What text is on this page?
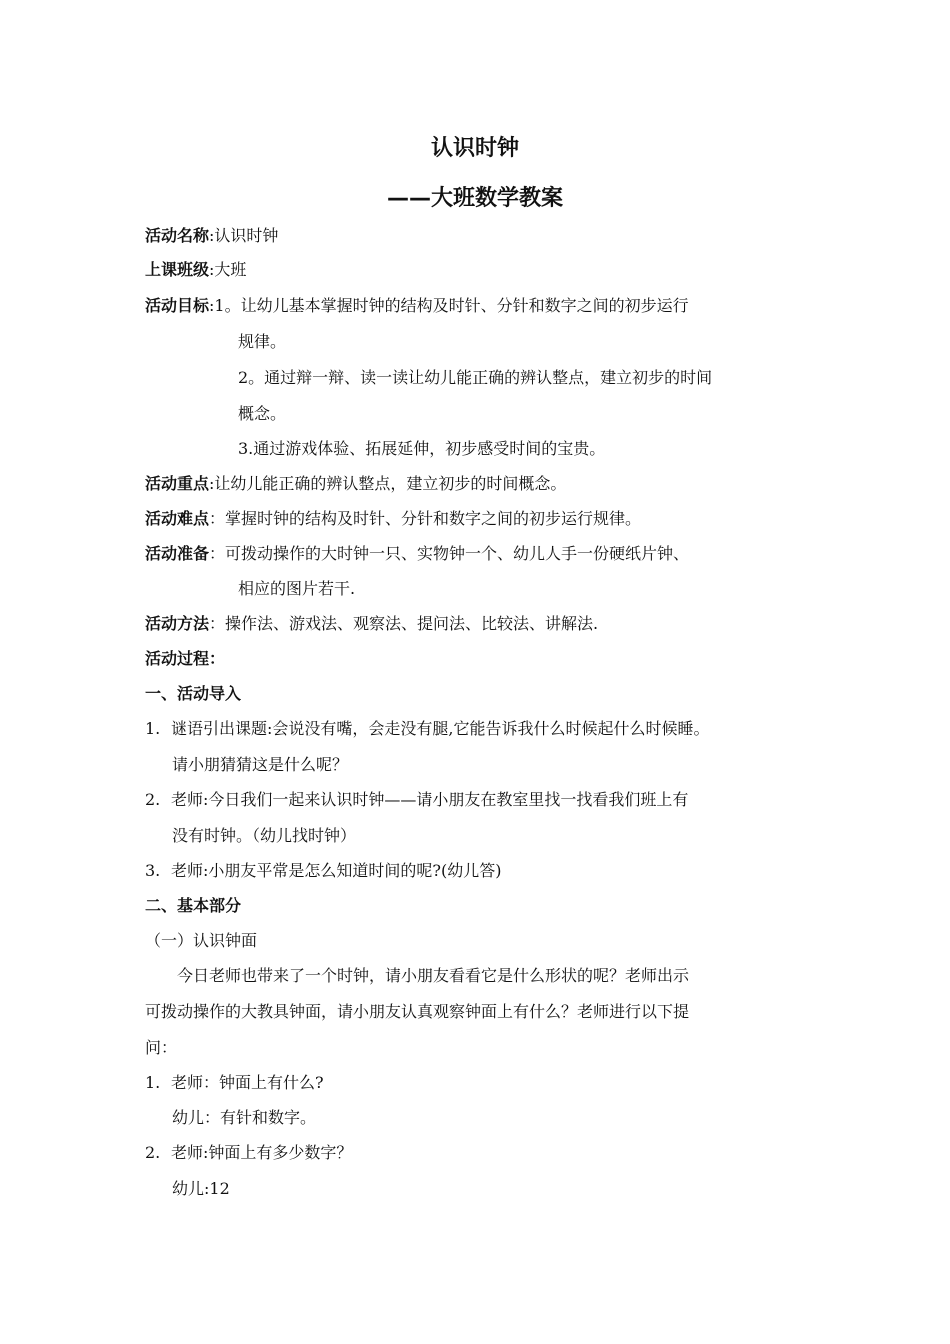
认识时钟
——大班数学教案
活动名称:认识时钟
上课班级:大班
活动目标:1。让幼儿基本掌握时钟的结构及时针、分针和数字之间的初步运行
规律。
2。通过辩一辩、读一读让幼儿能正确的辨认整点，建立初步的时间
概念。
3.通过游戏体验、拓展延伸，初步感受时间的宝贵。
活动重点:让幼儿能正确的辨认整点，建立初步的时间概念。
活动难点：掌握时钟的结构及时针、分针和数字之间的初步运行规律。
活动准备：可拨动操作的大时钟一只、实物钟一个、幼儿人手一份硬纸片钟、
相应的图片若干.
活动方法：操作法、游戏法、观察法、提问法、比较法、讲解法.
活动过程：
一、活动导入
1. 谜语引出课题:会说没有嘴，会走没有腿,它能告诉我什么时候起什么时候睡。
请小朋猜猜这是什么呢？
2. 老师:今日我们一起来认识时钟——请小朋友在教室里找一找看我们班上有
没有时钟。（幼儿找时钟）
3. 老师:小朋友平常是怎么知道时间的呢?(幼儿答)
二、基本部分
（一）认识钟面
今日老师也带来了一个时钟，请小朋友看看它是什么形状的呢？老师出示
可拨动操作的大教具钟面，请小朋友认真观察钟面上有什么？老师进行以下提
问：
1. 老师：钟面上有什么?
幼儿：有针和数字。
2. 老师:钟面上有多少数字？
幼儿:12
